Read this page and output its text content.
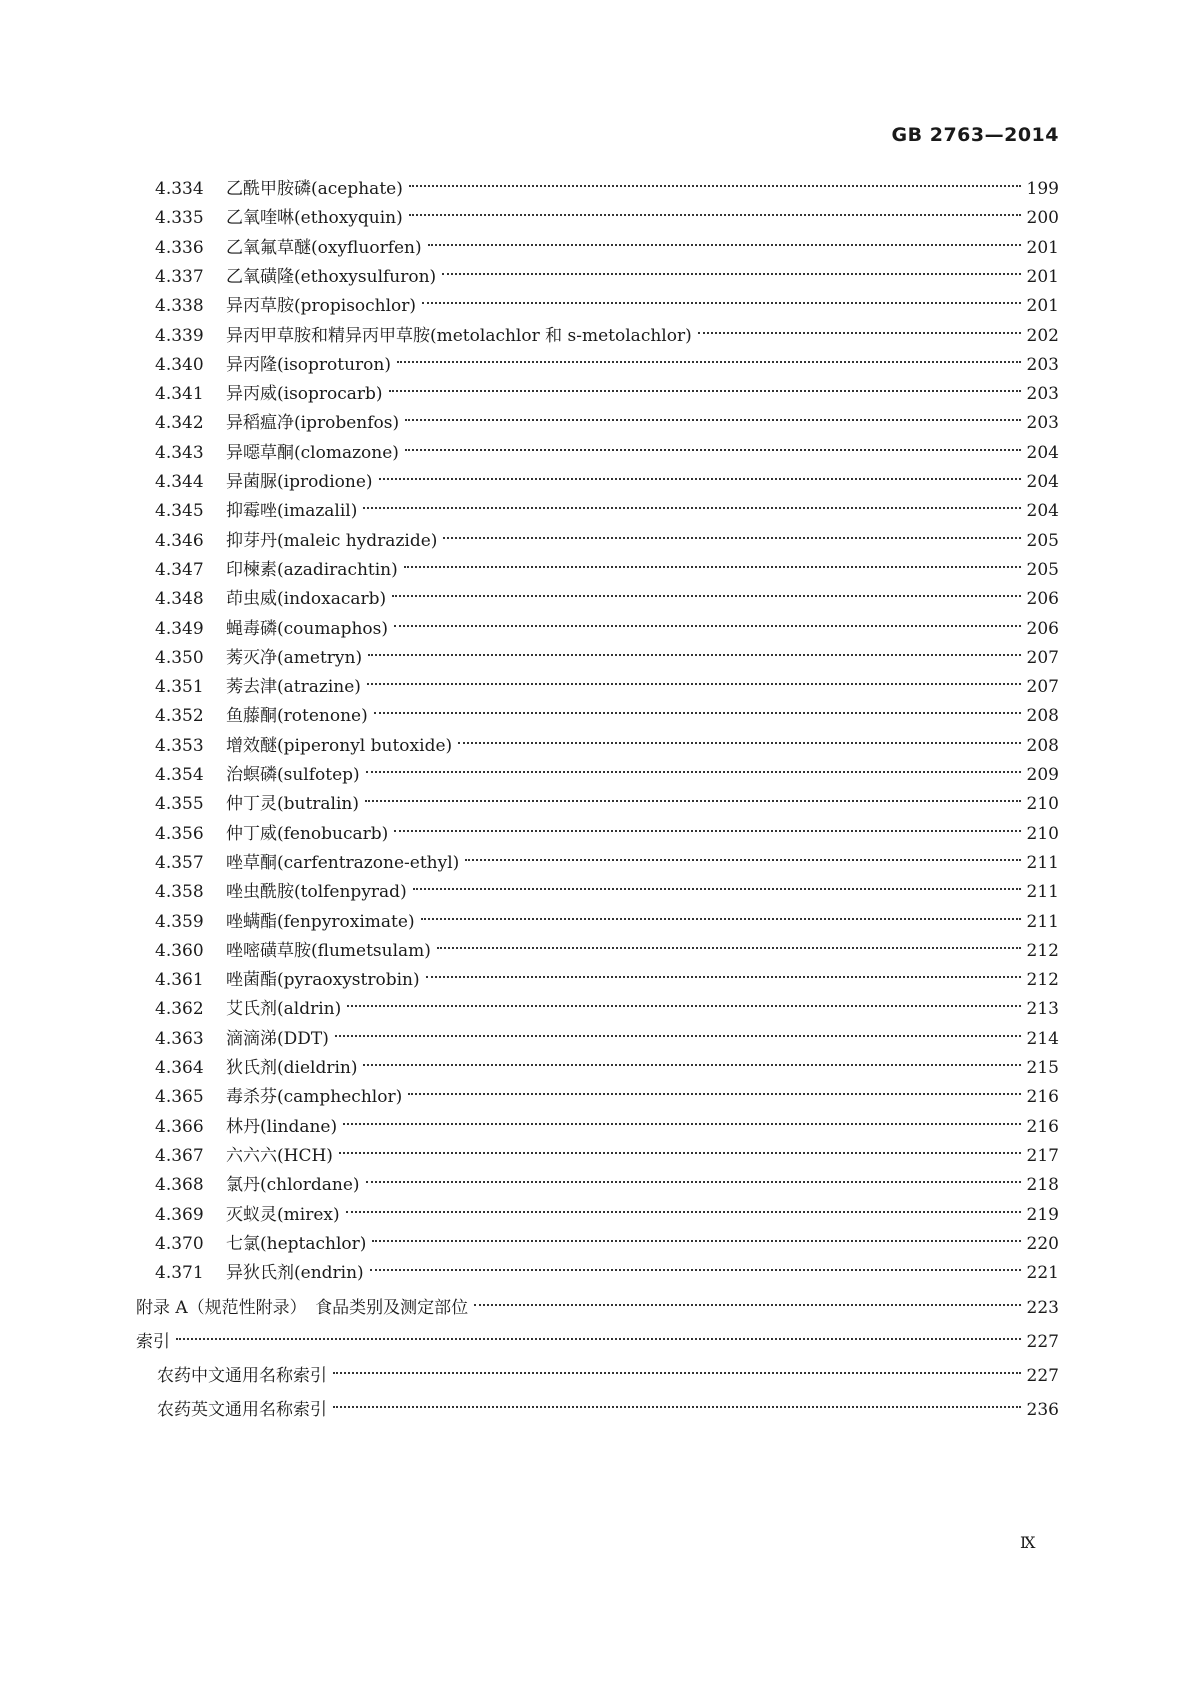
GB 2763—2014
4.334	乙酰甲胺磷(acephate)	199
4.335	乙氧喹啉(ethoxyquin)	200
4.336	乙氧氟草醚(oxyfluorfen)	201
4.337	乙氧磺隆(ethoxysulfuron)	201
4.338	异丙草胺(propisochlor)	201
4.339	异丙甲草胺和精异丙甲草胺(metolachlor 和 s-metolachlor)	202
4.340	异丙隆(isoproturon)	203
4.341	异丙威(isoprocarb)	203
4.342	异稻瘟净(iprobenfos)	203
4.343	异噁草酮(clomazone)	204
4.344	异菌脲(iprodione)	204
4.345	抑霉唑(imazalil)	204
4.346	抑芽丹(maleic hydrazide)	205
4.347	印楝素(azadirachtin)	205
4.348	茚虫威(indoxacarb)	206
4.349	蝇毒磷(coumaphos)	206
4.350	莠灭净(ametryn)	207
4.351	莠去津(atrazine)	207
4.352	鱼藤酮(rotenone)	208
4.353	增效醚(piperonyl butoxide)	208
4.354	治螟磷(sulfotep)	209
4.355	仲丁灵(butralin)	210
4.356	仲丁威(fenobucarb)	210
4.357	唑草酮(carfentrazone-ethyl)	211
4.358	唑虫酰胺(tolfenpyrad)	211
4.359	唑螨酯(fenpyroximate)	211
4.360	唑嘧磺草胺(flumetsulam)	212
4.361	唑菌酯(pyraoxystrobin)	212
4.362	艾氏剂(aldrin)	213
4.363	滴滴涕(DDT)	214
4.364	狄氏剂(dieldrin)	215
4.365	毒杀芬(camphechlor)	216
4.366	林丹(lindane)	216
4.367	六六六(HCH)	217
4.368	氯丹(chlordane)	218
4.369	灭蚁灵(mirex)	219
4.370	七氯(heptachlor)	220
4.371	异狄氏剂(endrin)	221
附录 A（规范性附录）　食品类别及测定部位	223
索引	227
农药中文通用名称索引	227
农药英文通用名称索引	236
Ⅸ
